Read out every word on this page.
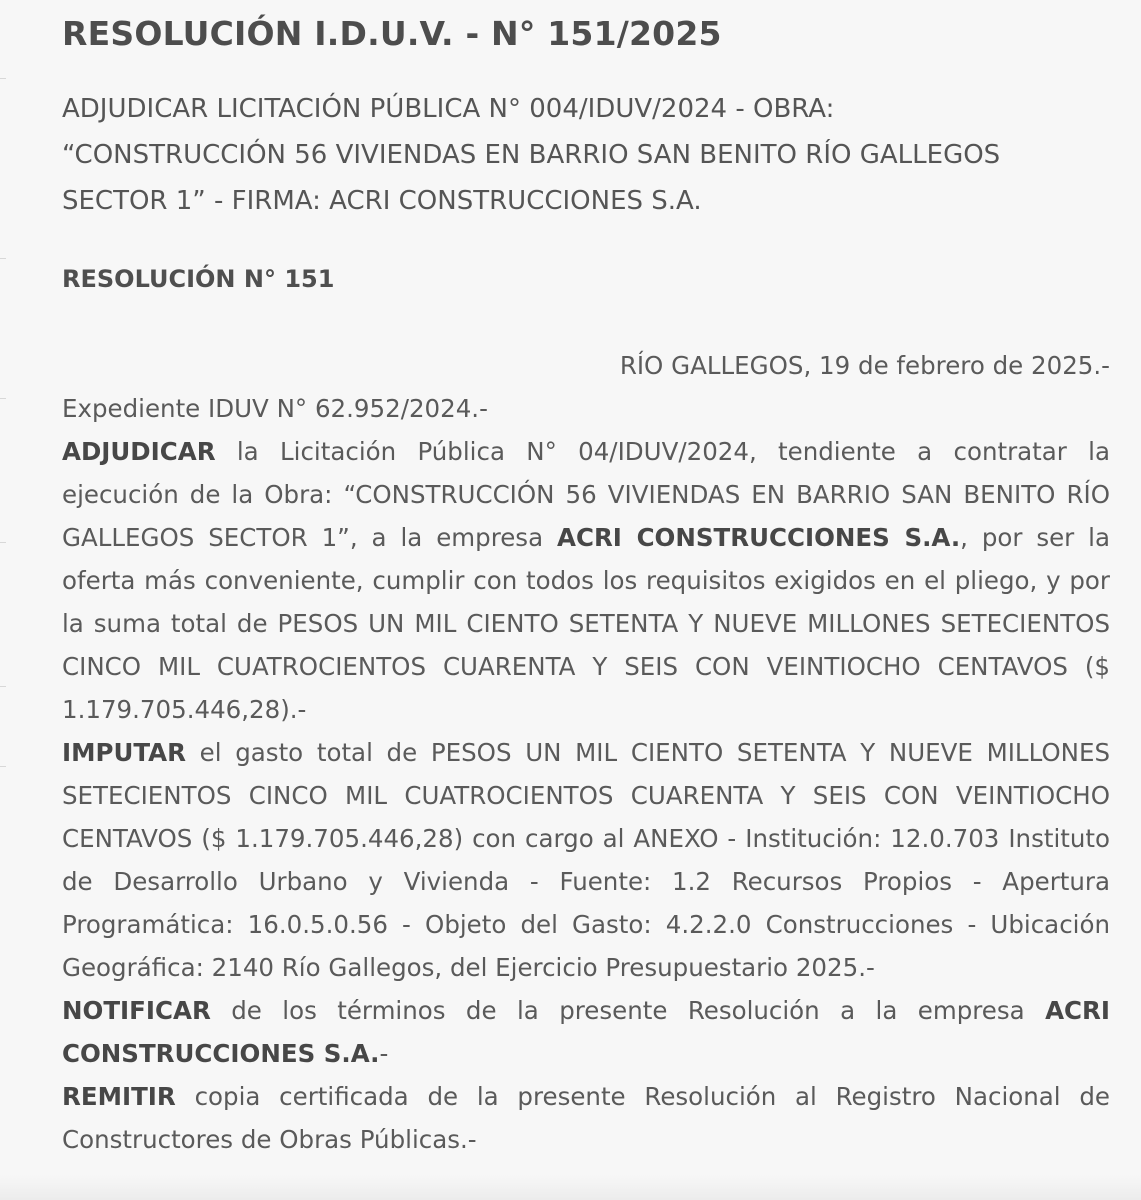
RESOLUCIÓN I.D.U.V. - N° 151/2025

ADJUDICAR LICITACIÓN PÚBLICA N° 004/IDUV/2024 - OBRA: “CONSTRUCCIÓN 56 VIVIENDAS EN BARRIO SAN BENITO RÍO GALLEGOS SECTOR 1” - FIRMA: ACRI CONSTRUCCIONES S.A.

RESOLUCIÓN N° 151

RÍO GALLEGOS, 19 de febrero de 2025.-

Expediente IDUV N° 62.952/2024.-

ADJUDICAR la Licitación Pública N° 04/IDUV/2024, tendiente a contratar la ejecución de la Obra: “CONSTRUCCIÓN 56 VIVIENDAS EN BARRIO SAN BENITO RÍO GALLEGOS SECTOR 1”, a la empresa ACRI CONSTRUCCIONES S.A., por ser la oferta más conveniente, cumplir con todos los requisitos exigidos en el pliego, y por la suma total de PESOS UN MIL CIENTO SETENTA Y NUEVE MILLONES SETECIENTOS CINCO MIL CUATROCIENTOS CUARENTA Y SEIS CON VEINTIOCHO CENTAVOS ($ 1.179.705.446,28).-

IMPUTAR el gasto total de PESOS UN MIL CIENTO SETENTA Y NUEVE MILLONES SETECIENTOS CINCO MIL CUATROCIENTOS CUARENTA Y SEIS CON VEINTIOCHO CENTAVOS ($ 1.179.705.446,28) con cargo al ANEXO - Institución: 12.0.703 Instituto de Desarrollo Urbano y Vivienda - Fuente: 1.2 Recursos Propios - Apertura Programática: 16.0.5.0.56 - Objeto del Gasto: 4.2.2.0 Construcciones - Ubicación Geográfica: 2140 Río Gallegos, del Ejercicio Presupuestario 2025.-

NOTIFICAR de los términos de la presente Resolución a la empresa ACRI CONSTRUCCIONES S.A.-

REMITIR copia certificada de la presente Resolución al Registro Nacional de Constructores de Obras Públicas.-
